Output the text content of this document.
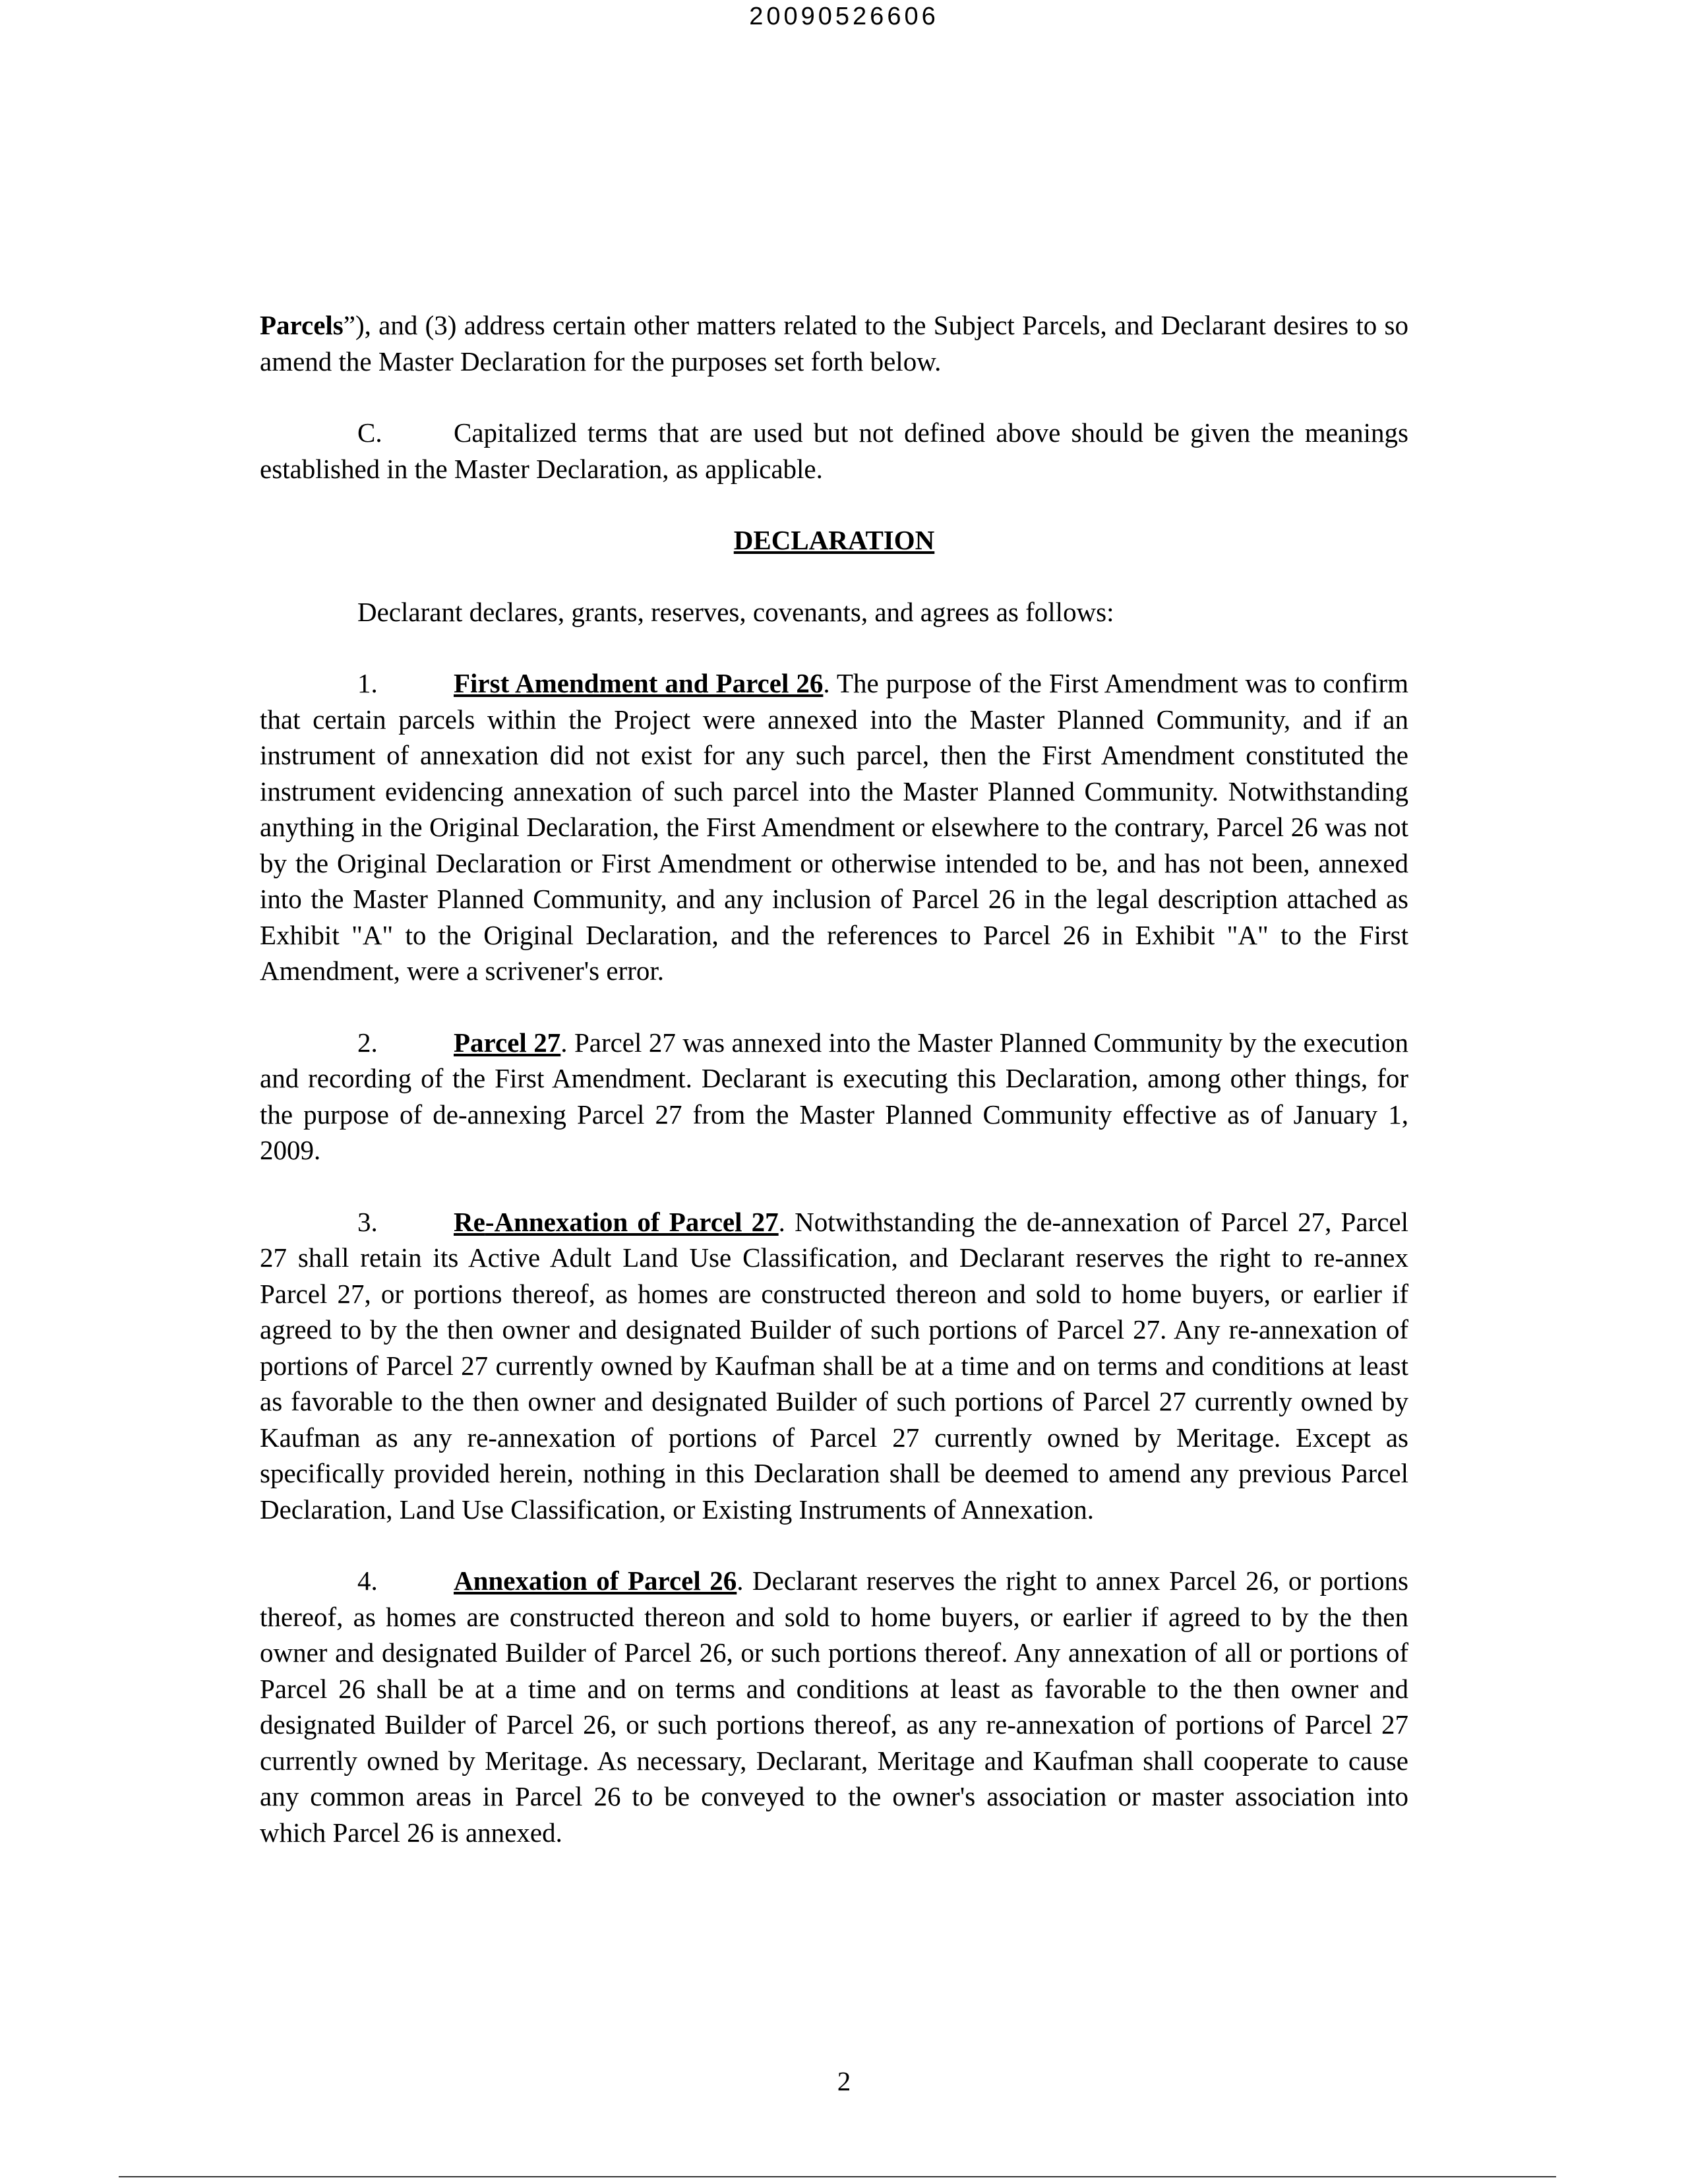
20090526606

Parcels”), and (3) address certain other matters related to the Subject Parcels, and Declarant desires to so amend the Master Declaration for the purposes set forth below.

C.	Capitalized terms that are used but not defined above should be given the meanings established in the Master Declaration, as applicable.

DECLARATION

Declarant declares, grants, reserves, covenants, and agrees as follows:

1.	First Amendment and Parcel 26. The purpose of the First Amendment was to confirm that certain parcels within the Project were annexed into the Master Planned Community, and if an instrument of annexation did not exist for any such parcel, then the First Amendment constituted the instrument evidencing annexation of such parcel into the Master Planned Community. Notwithstanding anything in the Original Declaration, the First Amendment or elsewhere to the contrary, Parcel 26 was not by the Original Declaration or First Amendment or otherwise intended to be, and has not been, annexed into the Master Planned Community, and any inclusion of Parcel 26 in the legal description attached as Exhibit "A" to the Original Declaration, and the references to Parcel 26 in Exhibit "A" to the First Amendment, were a scrivener's error.

2.	Parcel 27. Parcel 27 was annexed into the Master Planned Community by the execution and recording of the First Amendment. Declarant is executing this Declaration, among other things, for the purpose of de-annexing Parcel 27 from the Master Planned Community effective as of January 1, 2009.

3.	Re-Annexation of Parcel 27. Notwithstanding the de-annexation of Parcel 27, Parcel 27 shall retain its Active Adult Land Use Classification, and Declarant reserves the right to re-annex Parcel 27, or portions thereof, as homes are constructed thereon and sold to home buyers, or earlier if agreed to by the then owner and designated Builder of such portions of Parcel 27. Any re-annexation of portions of Parcel 27 currently owned by Kaufman shall be at a time and on terms and conditions at least as favorable to the then owner and designated Builder of such portions of Parcel 27 currently owned by Kaufman as any re-annexation of portions of Parcel 27 currently owned by Meritage. Except as specifically provided herein, nothing in this Declaration shall be deemed to amend any previous Parcel Declaration, Land Use Classification, or Existing Instruments of Annexation.

4.	Annexation of Parcel 26. Declarant reserves the right to annex Parcel 26, or portions thereof, as homes are constructed thereon and sold to home buyers, or earlier if agreed to by the then owner and designated Builder of Parcel 26, or such portions thereof. Any annexation of all or portions of Parcel 26 shall be at a time and on terms and conditions at least as favorable to the then owner and designated Builder of Parcel 26, or such portions thereof, as any re-annexation of portions of Parcel 27 currently owned by Meritage. As necessary, Declarant, Meritage and Kaufman shall cooperate to cause any common areas in Parcel 26 to be conveyed to the owner's association or master association into which Parcel 26 is annexed.

2
